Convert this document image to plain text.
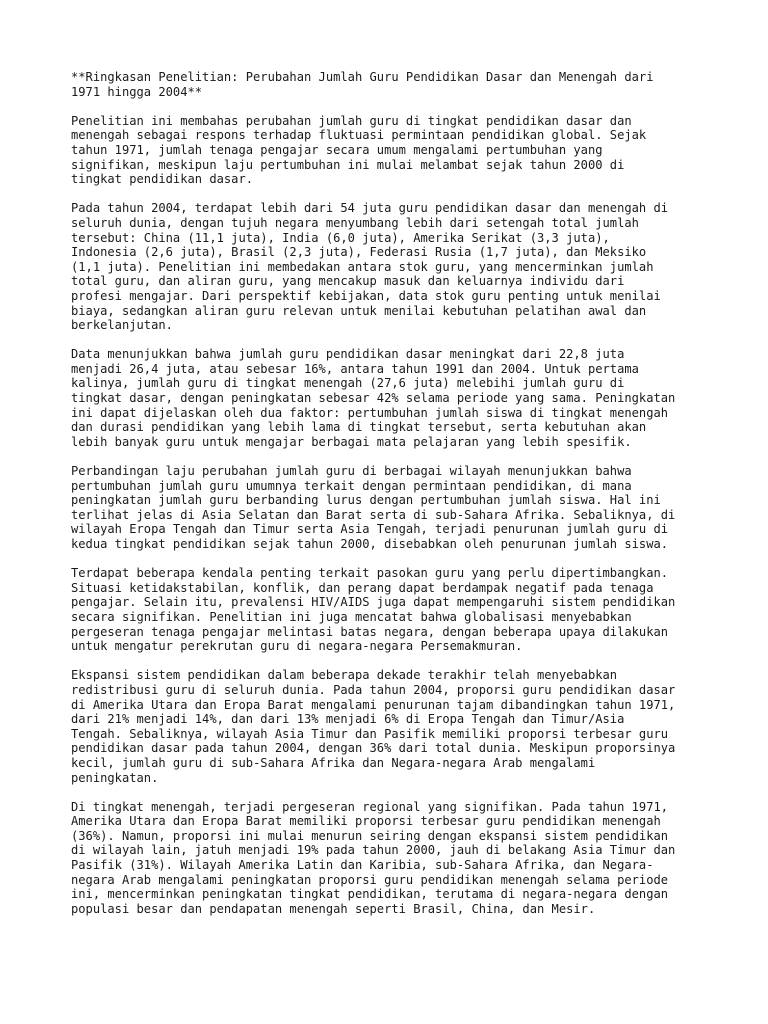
**Ringkasan Penelitian: Perubahan Jumlah Guru Pendidikan Dasar dan Menengah dari
1971 hingga 2004**
Penelitian ini membahas perubahan jumlah guru di tingkat pendidikan dasar dan
menengah sebagai respons terhadap fluktuasi permintaan pendidikan global. Sejak
tahun 1971, jumlah tenaga pengajar secara umum mengalami pertumbuhan yang
signifikan, meskipun laju pertumbuhan ini mulai melambat sejak tahun 2000 di
tingkat pendidikan dasar.
Pada tahun 2004, terdapat lebih dari 54 juta guru pendidikan dasar dan menengah di
seluruh dunia, dengan tujuh negara menyumbang lebih dari setengah total jumlah
tersebut: China (11,1 juta), India (6,0 juta), Amerika Serikat (3,3 juta),
Indonesia (2,6 juta), Brasil (2,3 juta), Federasi Rusia (1,7 juta), dan Meksiko
(1,1 juta). Penelitian ini membedakan antara stok guru, yang mencerminkan jumlah
total guru, dan aliran guru, yang mencakup masuk dan keluarnya individu dari
profesi mengajar. Dari perspektif kebijakan, data stok guru penting untuk menilai
biaya, sedangkan aliran guru relevan untuk menilai kebutuhan pelatihan awal dan
berkelanjutan.
Data menunjukkan bahwa jumlah guru pendidikan dasar meningkat dari 22,8 juta
menjadi 26,4 juta, atau sebesar 16%, antara tahun 1991 dan 2004. Untuk pertama
kalinya, jumlah guru di tingkat menengah (27,6 juta) melebihi jumlah guru di
tingkat dasar, dengan peningkatan sebesar 42% selama periode yang sama. Peningkatan
ini dapat dijelaskan oleh dua faktor: pertumbuhan jumlah siswa di tingkat menengah
dan durasi pendidikan yang lebih lama di tingkat tersebut, serta kebutuhan akan
lebih banyak guru untuk mengajar berbagai mata pelajaran yang lebih spesifik.
Perbandingan laju perubahan jumlah guru di berbagai wilayah menunjukkan bahwa
pertumbuhan jumlah guru umumnya terkait dengan permintaan pendidikan, di mana
peningkatan jumlah guru berbanding lurus dengan pertumbuhan jumlah siswa. Hal ini
terlihat jelas di Asia Selatan dan Barat serta di sub-Sahara Afrika. Sebaliknya, di
wilayah Eropa Tengah dan Timur serta Asia Tengah, terjadi penurunan jumlah guru di
kedua tingkat pendidikan sejak tahun 2000, disebabkan oleh penurunan jumlah siswa.
Terdapat beberapa kendala penting terkait pasokan guru yang perlu dipertimbangkan.
Situasi ketidakstabilan, konflik, dan perang dapat berdampak negatif pada tenaga
pengajar. Selain itu, prevalensi HIV/AIDS juga dapat mempengaruhi sistem pendidikan
secara signifikan. Penelitian ini juga mencatat bahwa globalisasi menyebabkan
pergeseran tenaga pengajar melintasi batas negara, dengan beberapa upaya dilakukan
untuk mengatur perekrutan guru di negara-negara Persemakmuran.
Ekspansi sistem pendidikan dalam beberapa dekade terakhir telah menyebabkan
redistribusi guru di seluruh dunia. Pada tahun 2004, proporsi guru pendidikan dasar
di Amerika Utara dan Eropa Barat mengalami penurunan tajam dibandingkan tahun 1971,
dari 21% menjadi 14%, dan dari 13% menjadi 6% di Eropa Tengah dan Timur/Asia
Tengah. Sebaliknya, wilayah Asia Timur dan Pasifik memiliki proporsi terbesar guru
pendidikan dasar pada tahun 2004, dengan 36% dari total dunia. Meskipun proporsinya
kecil, jumlah guru di sub-Sahara Afrika dan Negara-negara Arab mengalami
peningkatan.
Di tingkat menengah, terjadi pergeseran regional yang signifikan. Pada tahun 1971,
Amerika Utara dan Eropa Barat memiliki proporsi terbesar guru pendidikan menengah
(36%). Namun, proporsi ini mulai menurun seiring dengan ekspansi sistem pendidikan
di wilayah lain, jatuh menjadi 19% pada tahun 2000, jauh di belakang Asia Timur dan
Pasifik (31%). Wilayah Amerika Latin dan Karibia, sub-Sahara Afrika, dan Negara-
negara Arab mengalami peningkatan proporsi guru pendidikan menengah selama periode
ini, mencerminkan peningkatan tingkat pendidikan, terutama di negara-negara dengan
populasi besar dan pendapatan menengah seperti Brasil, China, dan Mesir.
